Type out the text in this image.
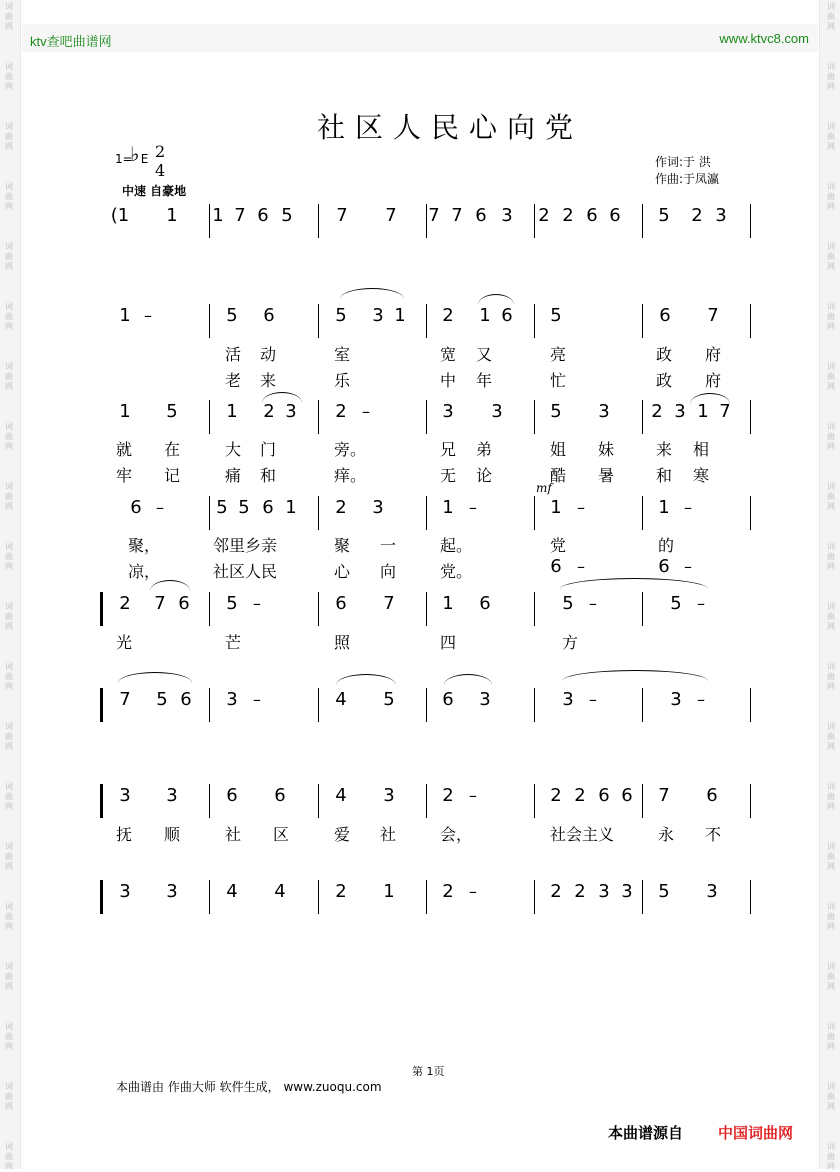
词
曲
网
词
曲
网
词
曲
网
词
曲
网
词
曲
网
词
曲
网
词
曲
网
词
曲
网
词
曲
网
词
曲
网
词
曲
网
词
曲
网
词
曲
网
词
曲
网
词
曲
网
词
曲
网
词
曲
网
词
曲
网
词
曲
网
词
曲
网
词
曲
网
词
曲
网
词
曲
网
词
曲
网
词
曲
网
词
曲
网
词
曲
网
词
曲
网
词
曲
网
词
曲
网
词
曲
网
词
曲
网
词
曲
网
词
曲
网
词
曲
网
词
曲
网
词
曲
网
词
曲
网
词
曲
网
词
曲
网
ktv查吧曲谱网	www.ktvc8.com
社区人民心向党
1= E
♭ 2
4
中速 自豪地
作词:于 洪
作曲:于凤瀛
(1 1 1 7 6 5 7 7 7 7 6 3 2 2 6 6 5 2 3
1	5 6	5 3 1 2 1 6 5	6 7
–
1 5	1 2 3 2	3 3	5 3 2 3 1 7
–
6	5 5 6 1 2 3	1	1	1
–	–	–	–
2 7 6 5	6 7	1 6	5	5
–	–	–
7 5 6 3	4 5	6 3	3	3
–	–	–
3 3	6 6	4 3	2	2 2 6 6 7 6
–
3 3	4 4	2 1	2	2 2 3 3 5 3
–
6	6
–	–
活 动	室	宽 又	亮	政 府
老 来	乐	中 年	忙	政 府
就 在	大 门	旁。	兄 弟	姐 妹	来 相
牢 记	痛 和	痒。	无 论	酷 暑	和 寒
聚，	邻里乡亲	聚 一	起。	党	的
凉，	社区人民	心 向	党。
光	芒	照	四	方
抚 顺	社 区	爱 社	会，	社会主义	永 不
mf
第 1页
本曲谱由 作曲大师 软件生成， www.zuoqu.com
本曲谱源自 中国词曲网
